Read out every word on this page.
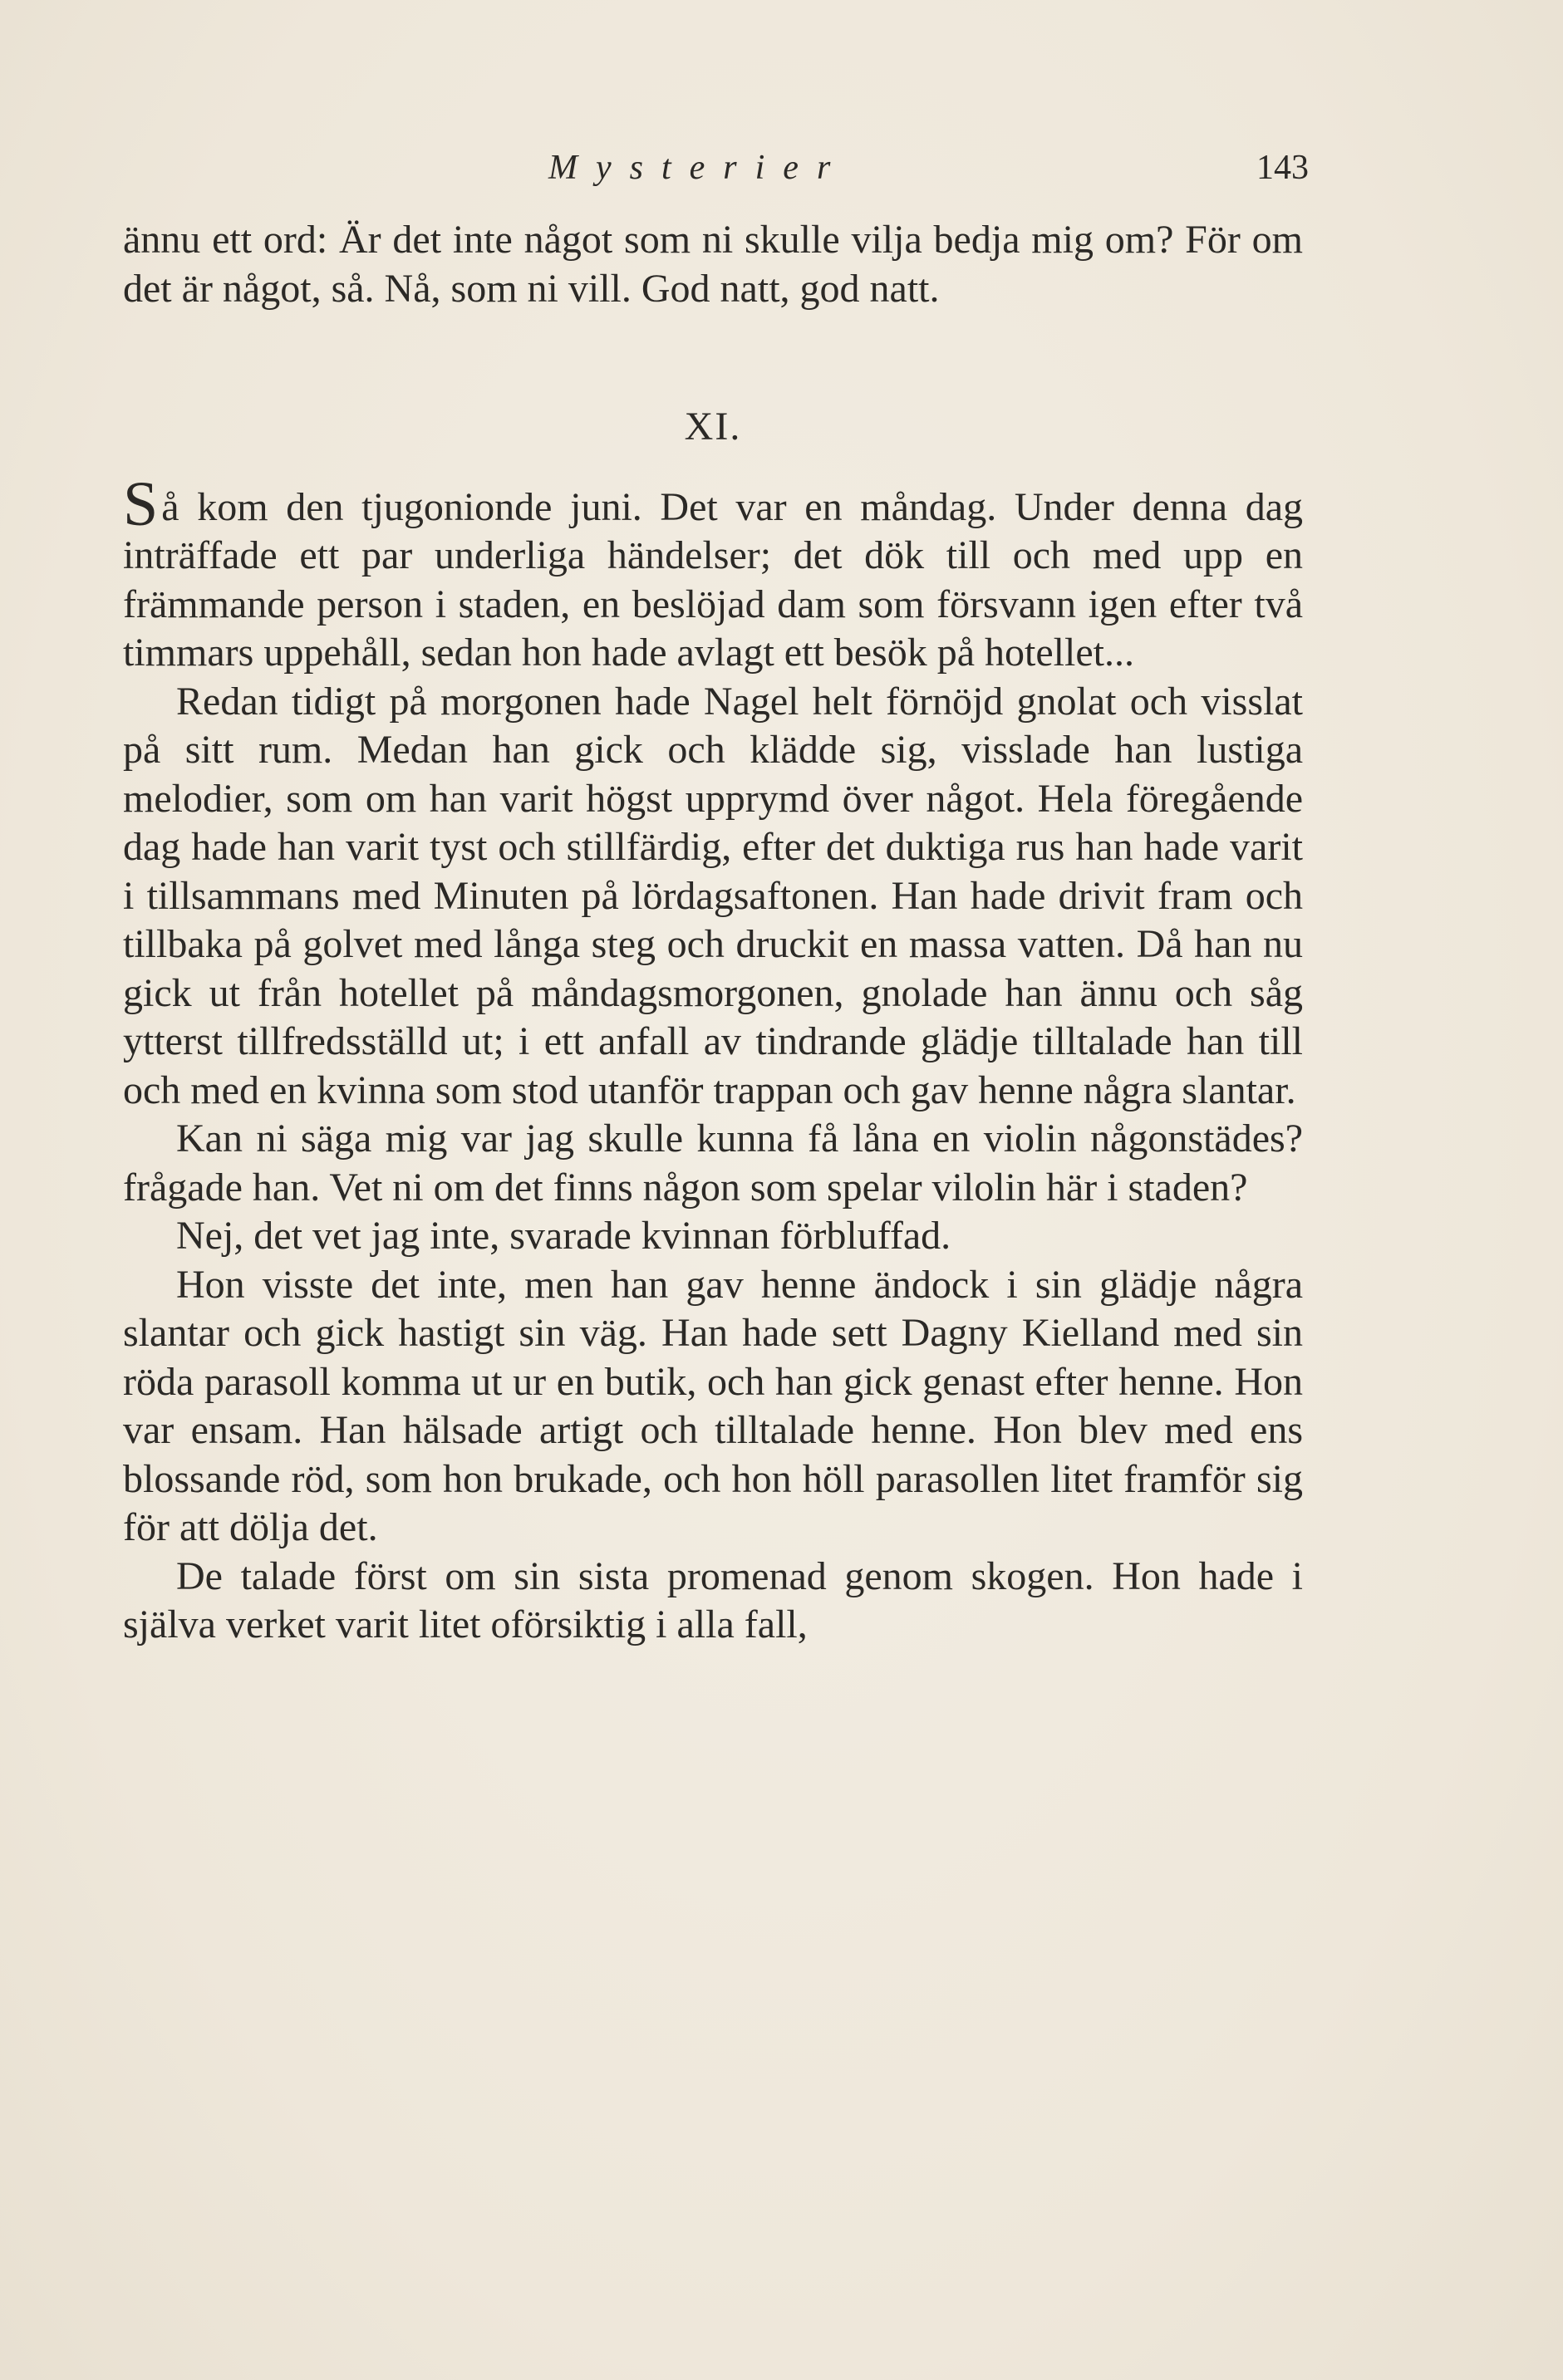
Mysterier	143

ännu ett ord: Är det inte något som ni skulle vilja bedja mig om? För om det är något, så. Nå, som ni vill. God natt, god natt.

XI.

Så kom den tjugonionde juni. Det var en måndag. Under denna dag inträffade ett par underliga händelser; det dök till och med upp en främmande person i staden, en beslöjad dam som försvann igen efter två timmars uppehåll, sedan hon hade avlagt ett besök på hotellet...

Redan tidigt på morgonen hade Nagel helt förnöjd gnolat och visslat på sitt rum. Medan han gick och klädde sig, visslade han lustiga melodier, som om han varit högst upprymd över något. Hela föregående dag hade han varit tyst och stillfärdig, efter det duktiga rus han hade varit i tillsammans med Minuten på lördagsaftonen. Han hade drivit fram och tillbaka på golvet med långa steg och druckit en massa vatten. Då han nu gick ut från hotellet på måndagsmorgonen, gnolade han ännu och såg ytterst tillfredsställd ut; i ett anfall av tindrande glädje tilltalade han till och med en kvinna som stod utanför trappan och gav henne några slantar.

Kan ni säga mig var jag skulle kunna få låna en violin någonstädes? frågade han. Vet ni om det finns någon som spelar vilolin här i staden?

Nej, det vet jag inte, svarade kvinnan förbluffad.

Hon visste det inte, men han gav henne ändock i sin glädje några slantar och gick hastigt sin väg. Han hade sett Dagny Kielland med sin röda parasoll komma ut ur en butik, och han gick genast efter henne. Hon var ensam. Han hälsade artigt och tilltalade henne. Hon blev med ens blossande röd, som hon brukade, och hon höll parasollen litet framför sig för att dölja det.

De talade först om sin sista promenad genom skogen. Hon hade i själva verket varit litet oförsiktig i alla fall,
